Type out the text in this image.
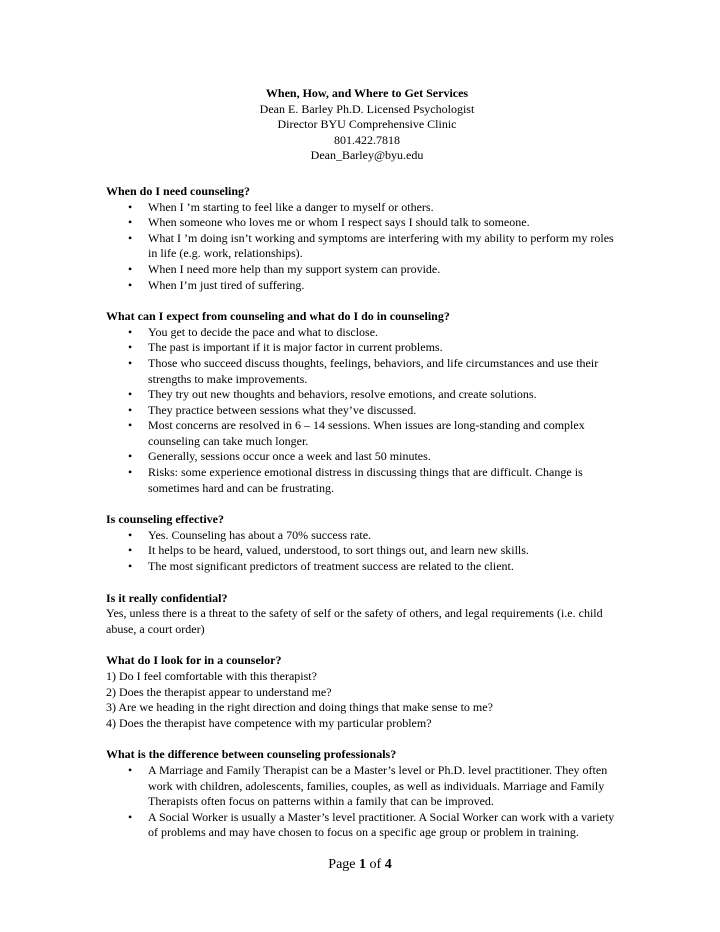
When, How, and Where to Get Services
Dean E. Barley Ph.D. Licensed Psychologist
Director BYU Comprehensive Clinic
801.422.7818
Dean_Barley@byu.edu
When do I need counseling?
• When I ’m starting to feel like a danger to myself or others.
• When someone who loves me or whom I respect says I should talk to someone.
• What I ’m doing isn’t working and symptoms are interfering with my ability to perform my roles in life (e.g. work, relationships).
• When I need more help than my support system can provide.
• When I’m just tired of suffering.
What can I expect from counseling and what do I do in counseling?
• You get to decide the pace and what to disclose.
• The past is important if it is major factor in current problems.
• Those who succeed discuss thoughts, feelings, behaviors, and life circumstances and use their strengths to make improvements.
• They try out new thoughts and behaviors, resolve emotions, and create solutions.
• They practice between sessions what they’ve discussed.
• Most concerns are resolved in 6 – 14 sessions. When issues are long-standing and complex counseling can take much longer.
• Generally, sessions occur once a week and last 50 minutes.
• Risks: some experience emotional distress in discussing things that are difficult. Change is sometimes hard and can be frustrating.
Is counseling effective?
• Yes. Counseling has about a 70% success rate.
• It helps to be heard, valued, understood, to sort things out, and learn new skills.
• The most significant predictors of treatment success are related to the client.
Is it really confidential?
Yes, unless there is a threat to the safety of self or the safety of others, and legal requirements (i.e. child abuse, a court order)
What do I look for in a counselor?
1) Do I feel comfortable with this therapist?
2) Does the therapist appear to understand me?
3) Are we heading in the right direction and doing things that make sense to me?
4) Does the therapist have competence with my particular problem?
What is the difference between counseling professionals?
• A Marriage and Family Therapist can be a Master’s level or Ph.D. level practitioner. They often work with children, adolescents, families, couples, as well as individuals. Marriage and Family Therapists often focus on patterns within a family that can be improved.
• A Social Worker is usually a Master’s level practitioner. A Social Worker can work with a variety of problems and may have chosen to focus on a specific age group or problem in training.
Page 1 of 4
